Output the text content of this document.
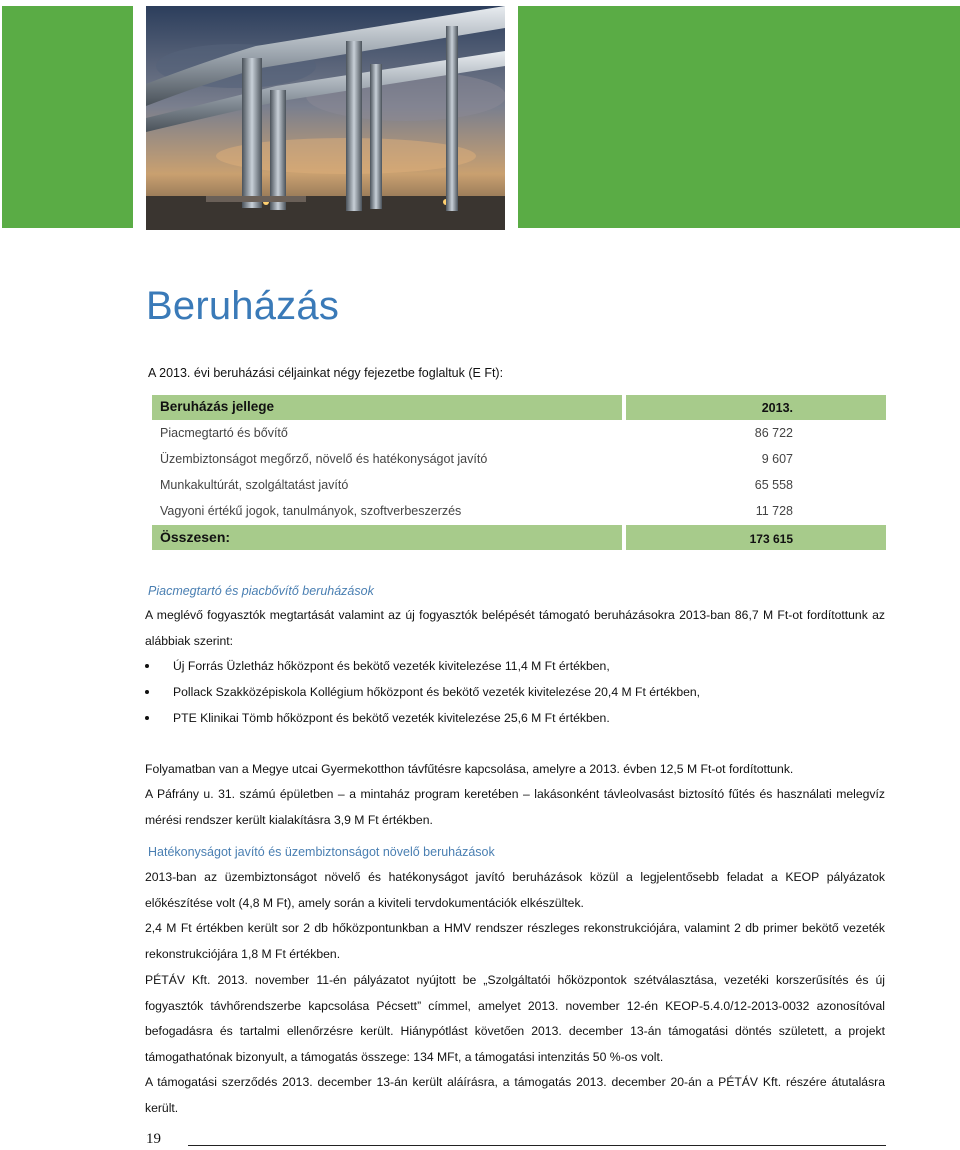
Beruházás
A 2013. évi beruházási céljainkat négy fejezetbe foglaltuk (E Ft):
Beruházás jellege	2013.
Piacmegtartó és bővítő	86 722
Üzembiztonságot megőrző, növelő és hatékonyságot javító	9 607
Munkakultúrát, szolgáltatást javító	65 558
Vagyoni értékű jogok, tanulmányok, szoftverbeszerzés	11 728
Összesen:	173 615
Piacmegtartó és piacbővítő beruházások
A meglévő fogyasztók megtartását valamint az új fogyasztók belépését támogató beruházásokra 2013-ban 86,7 M Ft-ot fordítottunk az alábbiak szerint:
Új Forrás Üzletház hőközpont és bekötő vezeték kivitelezése 11,4 M Ft értékben,
Pollack Szakközépiskola Kollégium hőközpont és bekötő vezeték kivitelezése 20,4 M Ft értékben,
PTE Klinikai Tömb hőközpont és bekötő vezeték kivitelezése 25,6 M Ft értékben.
Folyamatban van a Megye utcai Gyermekotthon távfűtésre kapcsolása, amelyre a 2013. évben 12,5 M Ft-ot fordítottunk.
A Páfrány u. 31. számú épületben – a mintaház program keretében – lakásonként távleolvasást biztosító fűtés és használati melegvíz mérési rendszer került kialakításra 3,9 M Ft értékben.
Hatékonyságot javító és üzembiztonságot növelő beruházások
2013-ban az üzembiztonságot növelő és hatékonyságot javító beruházások közül a legjelentősebb feladat a KEOP pályázatok előkészítése volt (4,8 M Ft), amely során a kiviteli tervdokumentációk elkészültek.
2,4 M Ft értékben került sor 2 db hőközpontunkban a HMV rendszer részleges rekonstrukciójára, valamint 2 db primer bekötő vezeték rekonstrukciójára 1,8 M Ft értékben.
PÉTÁV Kft. 2013. november 11-én pályázatot nyújtott be „Szolgáltatói hőközpontok szétválasztása, vezetéki korszerűsítés és új fogyasztók távhőrendszerbe kapcsolása Pécsett” címmel, amelyet 2013. november 12-én KEOP-5.4.0/12-2013-0032 azonosítóval befogadásra és tartalmi ellenőrzésre került. Hiánypótlást követően 2013. december 13-án támogatási döntés született, a projekt támogathatónak bizonyult, a támogatás összege: 134 MFt, a támogatási intenzitás 50 %-os volt.
A támogatási szerződés 2013. december 13-án került aláírásra, a támogatás 2013. december 20-án a PÉTÁV Kft. részére átutalásra került.
19
